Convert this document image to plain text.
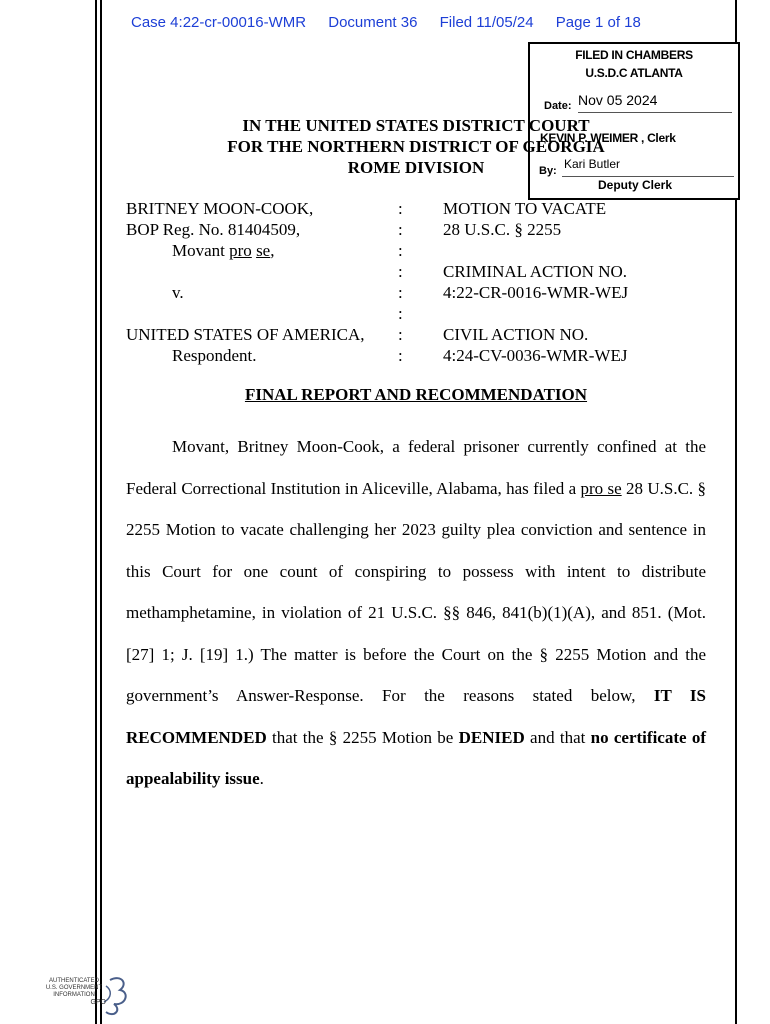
Case 4:22-cr-00016-WMR Document 36 Filed 11/05/24 Page 1 of 18
FILED IN CHAMBERS
U.S.D.C ATLANTA
Date: Nov 05 2024
KEVIN P. WEIMER , Clerk
By: Kari Butler
Deputy Clerk
IN THE UNITED STATES DISTRICT COURT
FOR THE NORTHERN DISTRICT OF GEORGIA
ROME DIVISION
BRITNEY MOON-COOK,	: MOTION TO VACATE
BOP Reg. No. 81404509,	: 28 U.S.C. § 2255
Movant pro se,	:
: CRIMINAL ACTION NO.
v.	: 4:22-CR-0016-WMR-WEJ
:
UNITED STATES OF AMERICA, : CIVIL ACTION NO.
Respondent.	: 4:24-CV-0036-WMR-WEJ
FINAL REPORT AND RECOMMENDATION

Movant, Britney Moon-Cook, a federal prisoner currently confined at the Federal Correctional Institution in Aliceville, Alabama, has filed a pro se 28 U.S.C. § 2255 Motion to vacate challenging her 2023 guilty plea conviction and sentence in this Court for one count of conspiring to possess with intent to distribute methamphetamine, in violation of 21 U.S.C. §§ 846, 841(b)(1)(A), and 851. (Mot. [27] 1; J. [19] 1.) The matter is before the Court on the § 2255 Motion and the government’s Answer-Response. For the reasons stated below, IT IS RECOMMENDED that the § 2255 Motion be DENIED and that no certificate of appealability issue.

AUTHENTICATED
U.S. GOVERNMENT
INFORMATION
GPO
